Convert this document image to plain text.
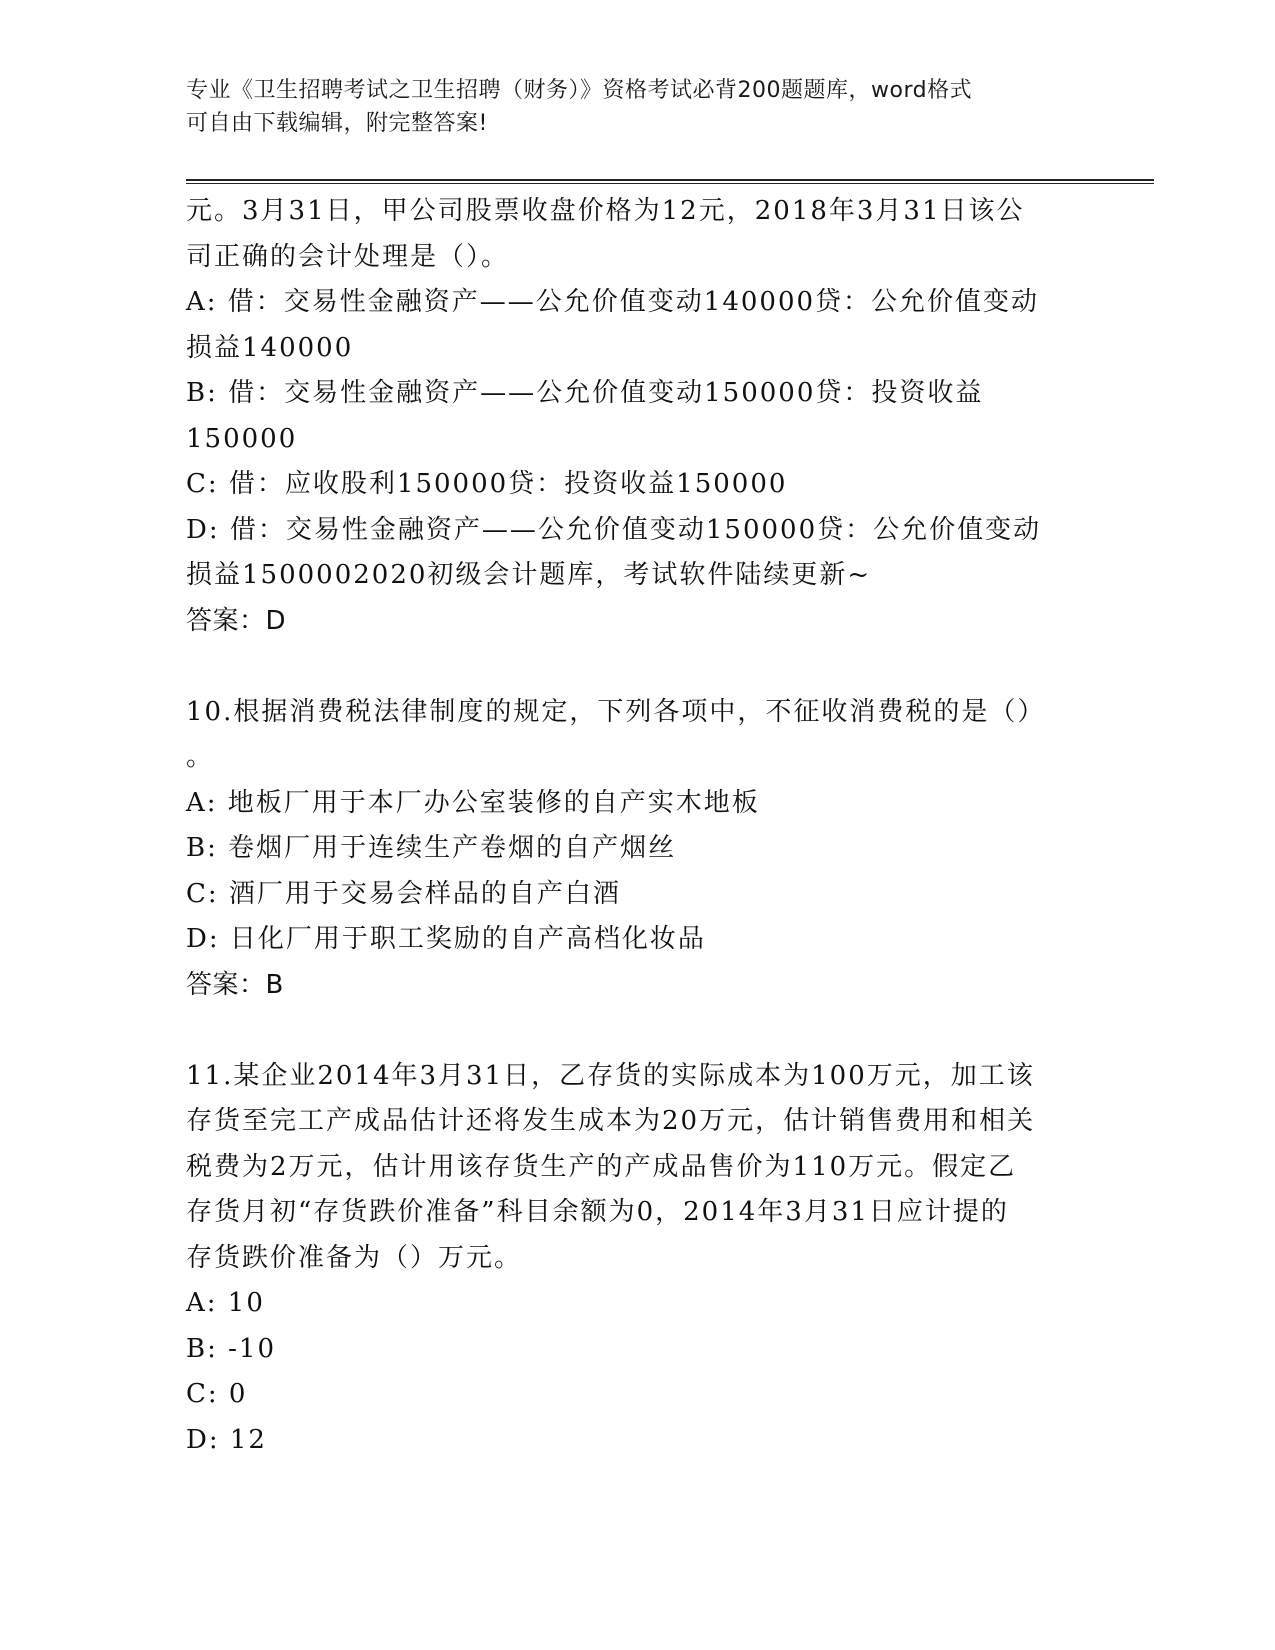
专业《卫生招聘考试之卫生招聘（财务）》资格考试必背200题题库，word格式
可自由下载编辑，附完整答案!
元。3月31日，甲公司股票收盘价格为12元，2018年3月31日该公
司正确的会计处理是（）。
A: 借：交易性金融资产——公允价值变动140000贷：公允价值变动
损益140000
B: 借：交易性金融资产——公允价值变动150000贷：投资收益
150000
C: 借：应收股利150000贷：投资收益150000
D: 借：交易性金融资产——公允价值变动150000贷：公允价值变动
损益1500002020初级会计题库，考试软件陆续更新~
答案：D
10.根据消费税法律制度的规定，下列各项中，不征收消费税的是（）
。
A: 地板厂用于本厂办公室装修的自产实木地板
B: 卷烟厂用于连续生产卷烟的自产烟丝
C: 酒厂用于交易会样品的自产白酒
D: 日化厂用于职工奖励的自产高档化妆品
答案：B
11.某企业2014年3月31日，乙存货的实际成本为100万元，加工该
存货至完工产成品估计还将发生成本为20万元，估计销售费用和相关
税费为2万元，估计用该存货生产的产成品售价为110万元。假定乙
存货月初“存货跌价准备”科目余额为0，2014年3月31日应计提的
存货跌价准备为（）万元。
A: 10
B: -10
C: 0
D: 12
